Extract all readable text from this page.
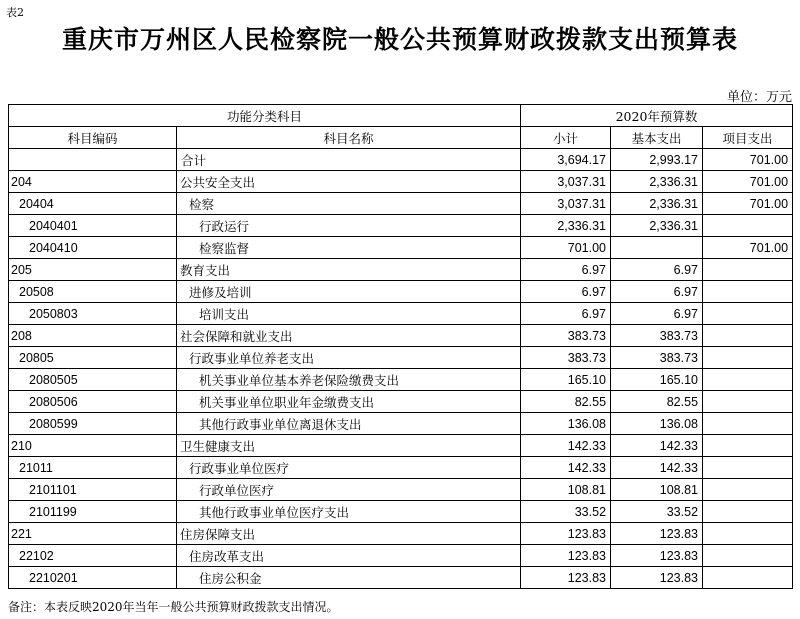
表2
重庆市万州区人民检察院一般公共预算财政拨款支出预算表
单位：万元
功能分类科目		2020年预算数		
科目编码	科目名称	小计	基本支出	项目支出
	合计	3,694.17	2,993.17	701.00
204	公共安全支出	3,037.31	2,336.31	701.00
20404	检察	3,037.31	2,336.31	701.00
2040401	行政运行	2,336.31	2,336.31	
2040410	检察监督	701.00		701.00
205	教育支出	6.97	6.97	
20508	进修及培训	6.97	6.97	
2050803	培训支出	6.97	6.97	
208	社会保障和就业支出	383.73	383.73	
20805	行政事业单位养老支出	383.73	383.73	
2080505	机关事业单位基本养老保险缴费支出	165.10	165.10	
2080506	机关事业单位职业年金缴费支出	82.55	82.55	
2080599	其他行政事业单位离退休支出	136.08	136.08	
210	卫生健康支出	142.33	142.33	
21011	行政事业单位医疗	142.33	142.33	
2101101	行政单位医疗	108.81	108.81	
2101199	其他行政事业单位医疗支出	33.52	33.52	
221	住房保障支出	123.83	123.83	
22102	住房改革支出	123.83	123.83	
2210201	住房公积金	123.83	123.83	
备注：本表反映2020年当年一般公共预算财政拨款支出情况。
